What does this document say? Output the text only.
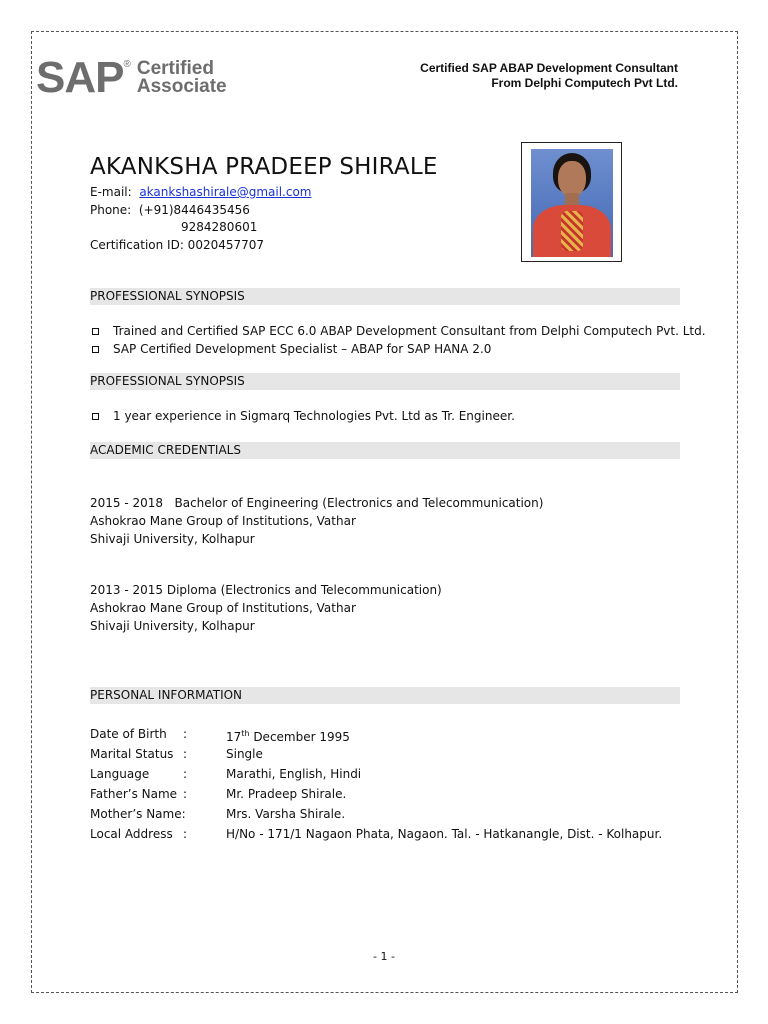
SAP ® Certified
Associate
Certified SAP ABAP Development Consultant
From Delphi Computech Pvt Ltd.
AKANKSHA PRADEEP SHIRALE
E-mail: akankshashirale@gmail.com
Phone: (+91)8446435456
9284280601
Certification ID: 0020457707
PROFESSIONAL SYNOPSIS
Trained and Certified SAP ECC 6.0 ABAP Development Consultant from Delphi Computech Pvt. Ltd.
SAP Certified Development Specialist – ABAP for SAP HANA 2.0
PROFESSIONAL SYNOPSIS
1 year experience in Sigmarq Technologies Pvt. Ltd as Tr. Engineer.
ACADEMIC CREDENTIALS
2015 - 2018   Bachelor of Engineering (Electronics and Telecommunication)
Ashokrao Mane Group of Institutions, Vathar
Shivaji University, Kolhapur
2013 - 2015 Diploma (Electronics and Telecommunication)
Ashokrao Mane Group of Institutions, Vathar
Shivaji University, Kolhapur
PERSONAL INFORMATION
Date of Birth	:	17th December 1995
Marital Status :	Single
Language	:	Marathi, English, Hindi
Father’s Name :	Mr. Pradeep Shirale.
Mother’s Name:	Mrs. Varsha Shirale.
Local Address :	H/No - 171/1 Nagaon Phata, Nagaon. Tal. - Hatkanangle, Dist. - Kolhapur.
- 1 -
